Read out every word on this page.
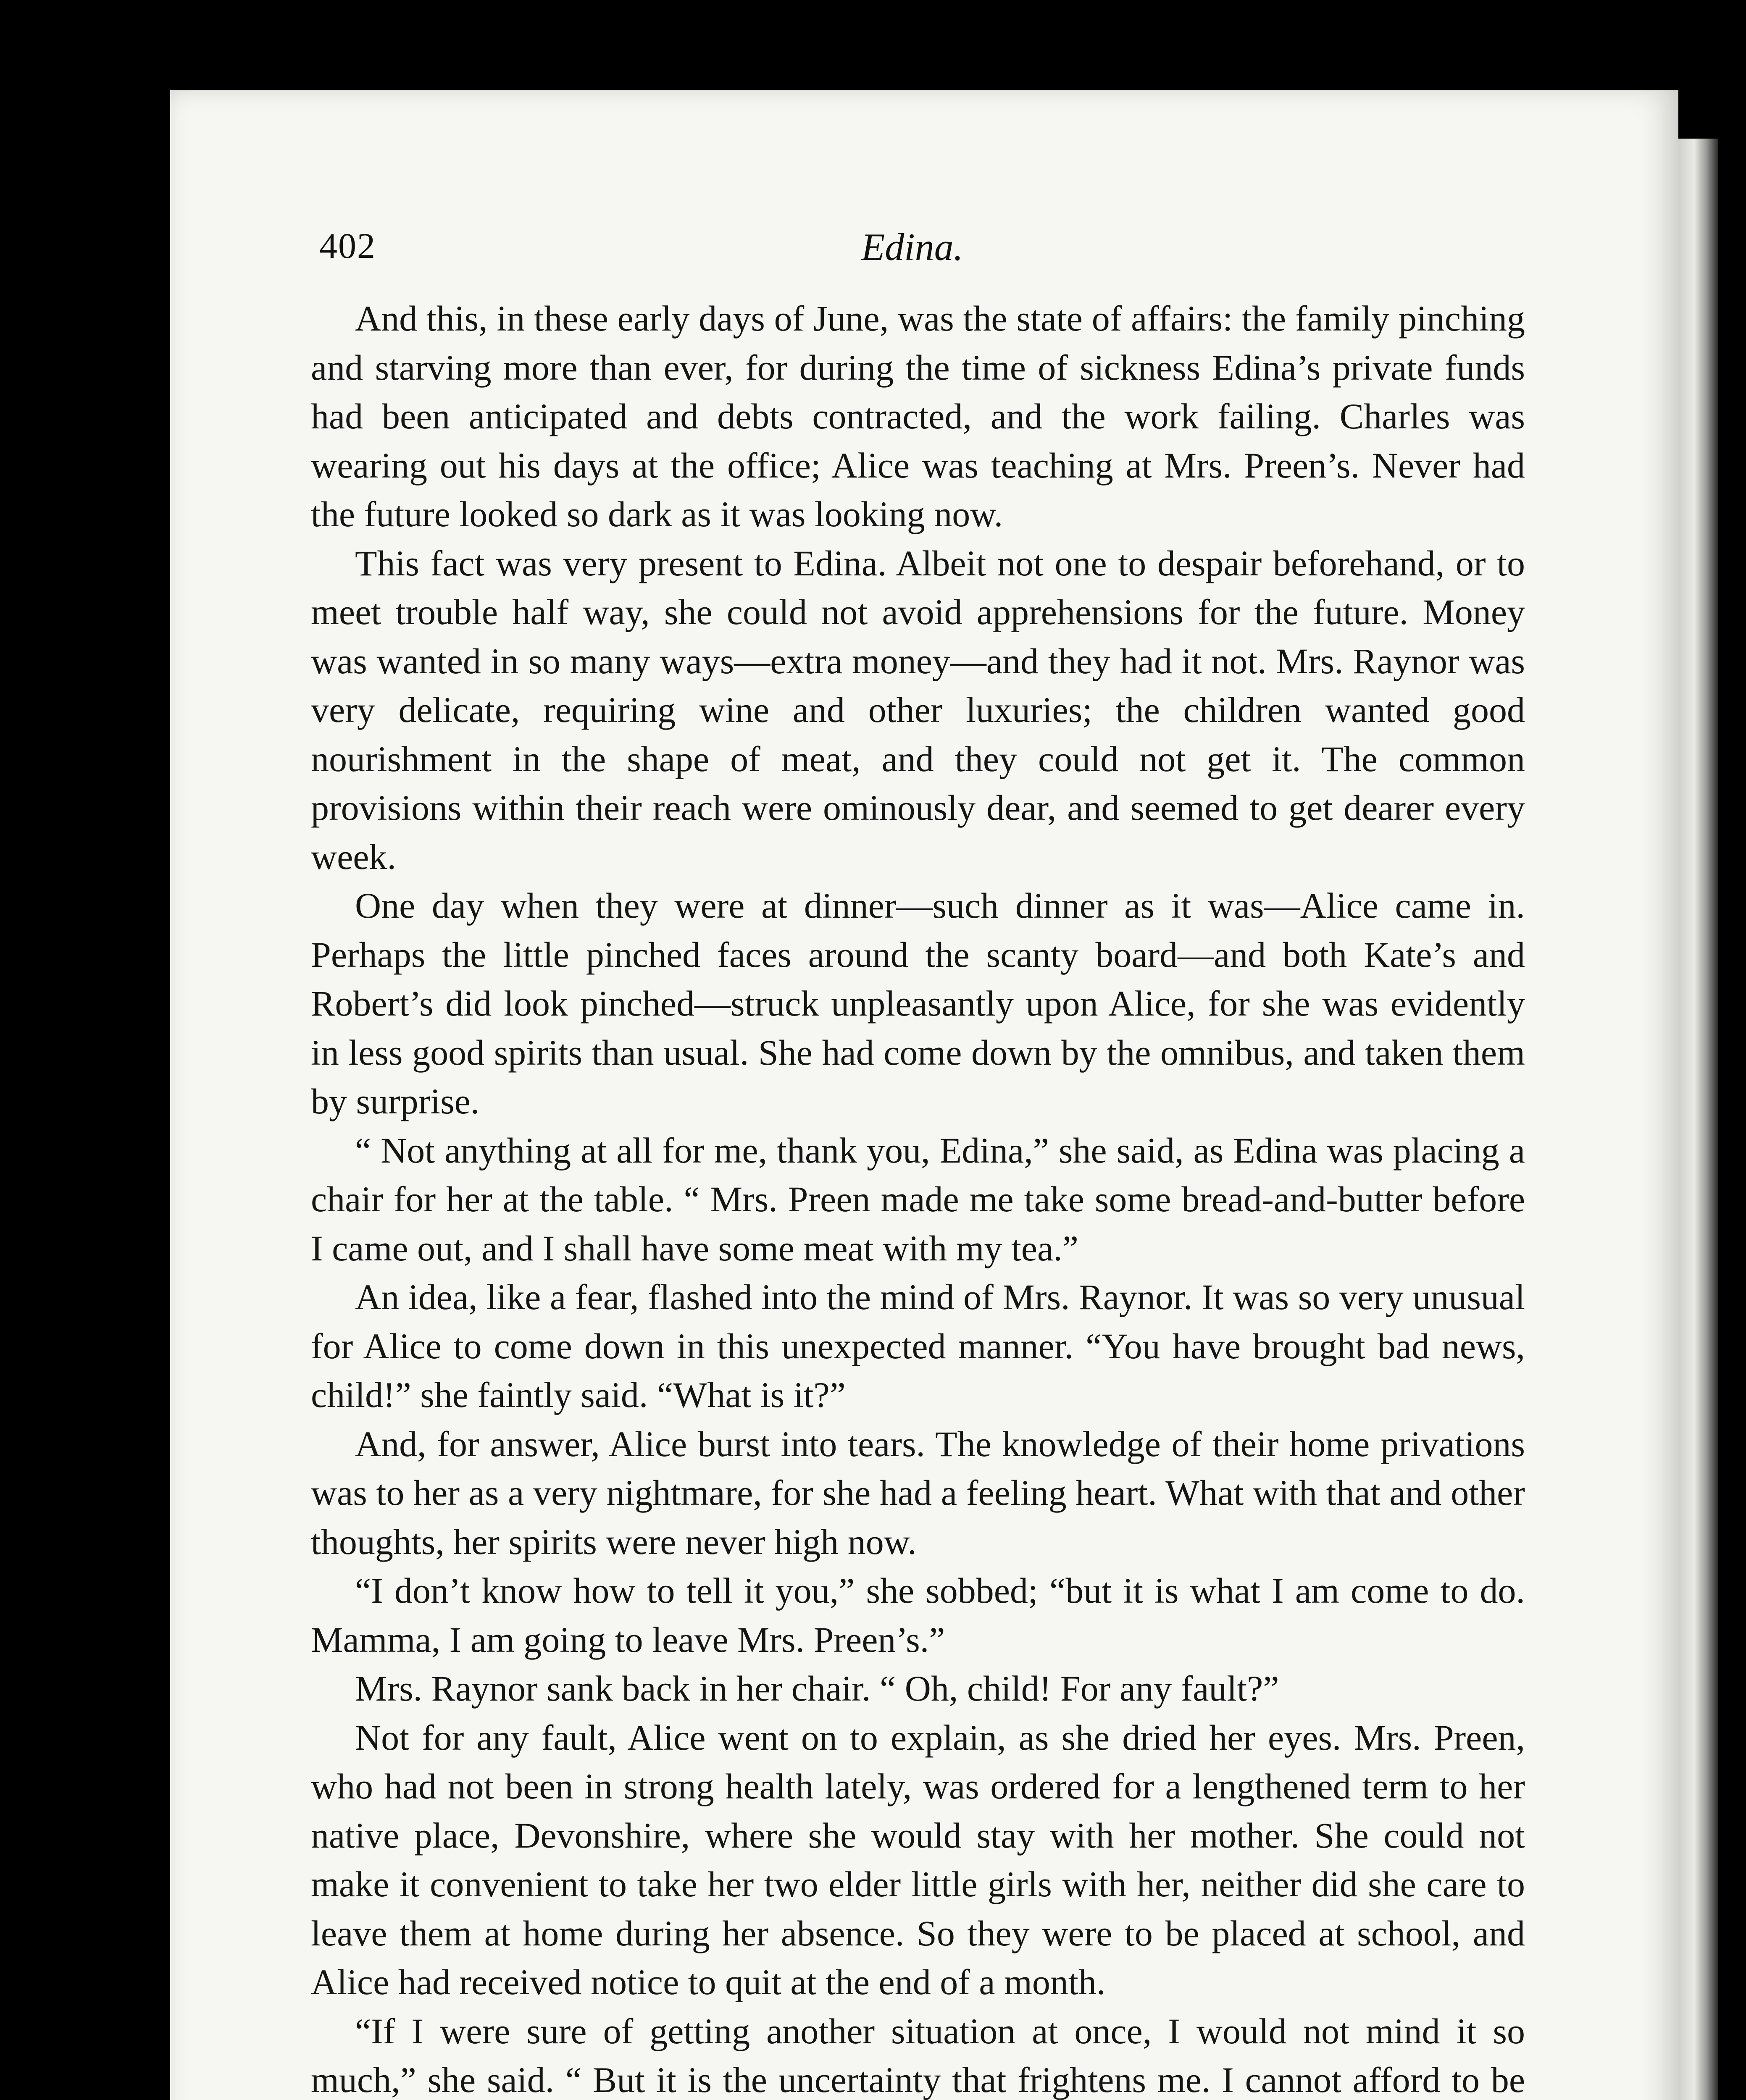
402	Edina.

And this, in these early days of June, was the state of affairs: the family pinching and starving more than ever, for during the time of sickness Edina’s private funds had been anticipated and debts contracted, and the work failing. Charles was wearing out his days at the office; Alice was teaching at Mrs. Preen’s. Never had the future looked so dark as it was looking now.

This fact was very present to Edina. Albeit not one to despair beforehand, or to meet trouble half way, she could not avoid apprehensions for the future. Money was wanted in so many ways—extra money—and they had it not. Mrs. Raynor was very delicate, requiring wine and other luxuries; the children wanted good nourishment in the shape of meat, and they could not get it. The common provisions within their reach were ominously dear, and seemed to get dearer every week.

One day when they were at dinner—such dinner as it was—Alice came in. Perhaps the little pinched faces around the scanty board—and both Kate’s and Robert’s did look pinched—struck unpleasantly upon Alice, for she was evidently in less good spirits than usual. She had come down by the omnibus, and taken them by surprise.

“ Not anything at all for me, thank you, Edina,” she said, as Edina was placing a chair for her at the table. “ Mrs. Preen made me take some bread-and-butter before I came out, and I shall have some meat with my tea.”

An idea, like a fear, flashed into the mind of Mrs. Raynor. It was so very unusual for Alice to come down in this unexpected manner. “You have brought bad news, child!” she faintly said. “What is it?”

And, for answer, Alice burst into tears. The knowledge of their home privations was to her as a very nightmare, for she had a feeling heart. What with that and other thoughts, her spirits were never high now.

“I don’t know how to tell it you,” she sobbed; “but it is what I am come to do. Mamma, I am going to leave Mrs. Preen’s.”

Mrs. Raynor sank back in her chair. “ Oh, child! For any fault?”

Not for any fault, Alice went on to explain, as she dried her eyes. Mrs. Preen, who had not been in strong health lately, was ordered for a lengthened term to her native place, Devonshire, where she would stay with her mother. She could not make it convenient to take her two elder little girls with her, neither did she care to leave them at home during her absence. So they were to be placed at school, and Alice had received notice to quit at the end of a month.

“If I were sure of getting another situation at once, I would not mind it so much,” she said. “ But it is the uncertainty that frightens me. I cannot afford to be
